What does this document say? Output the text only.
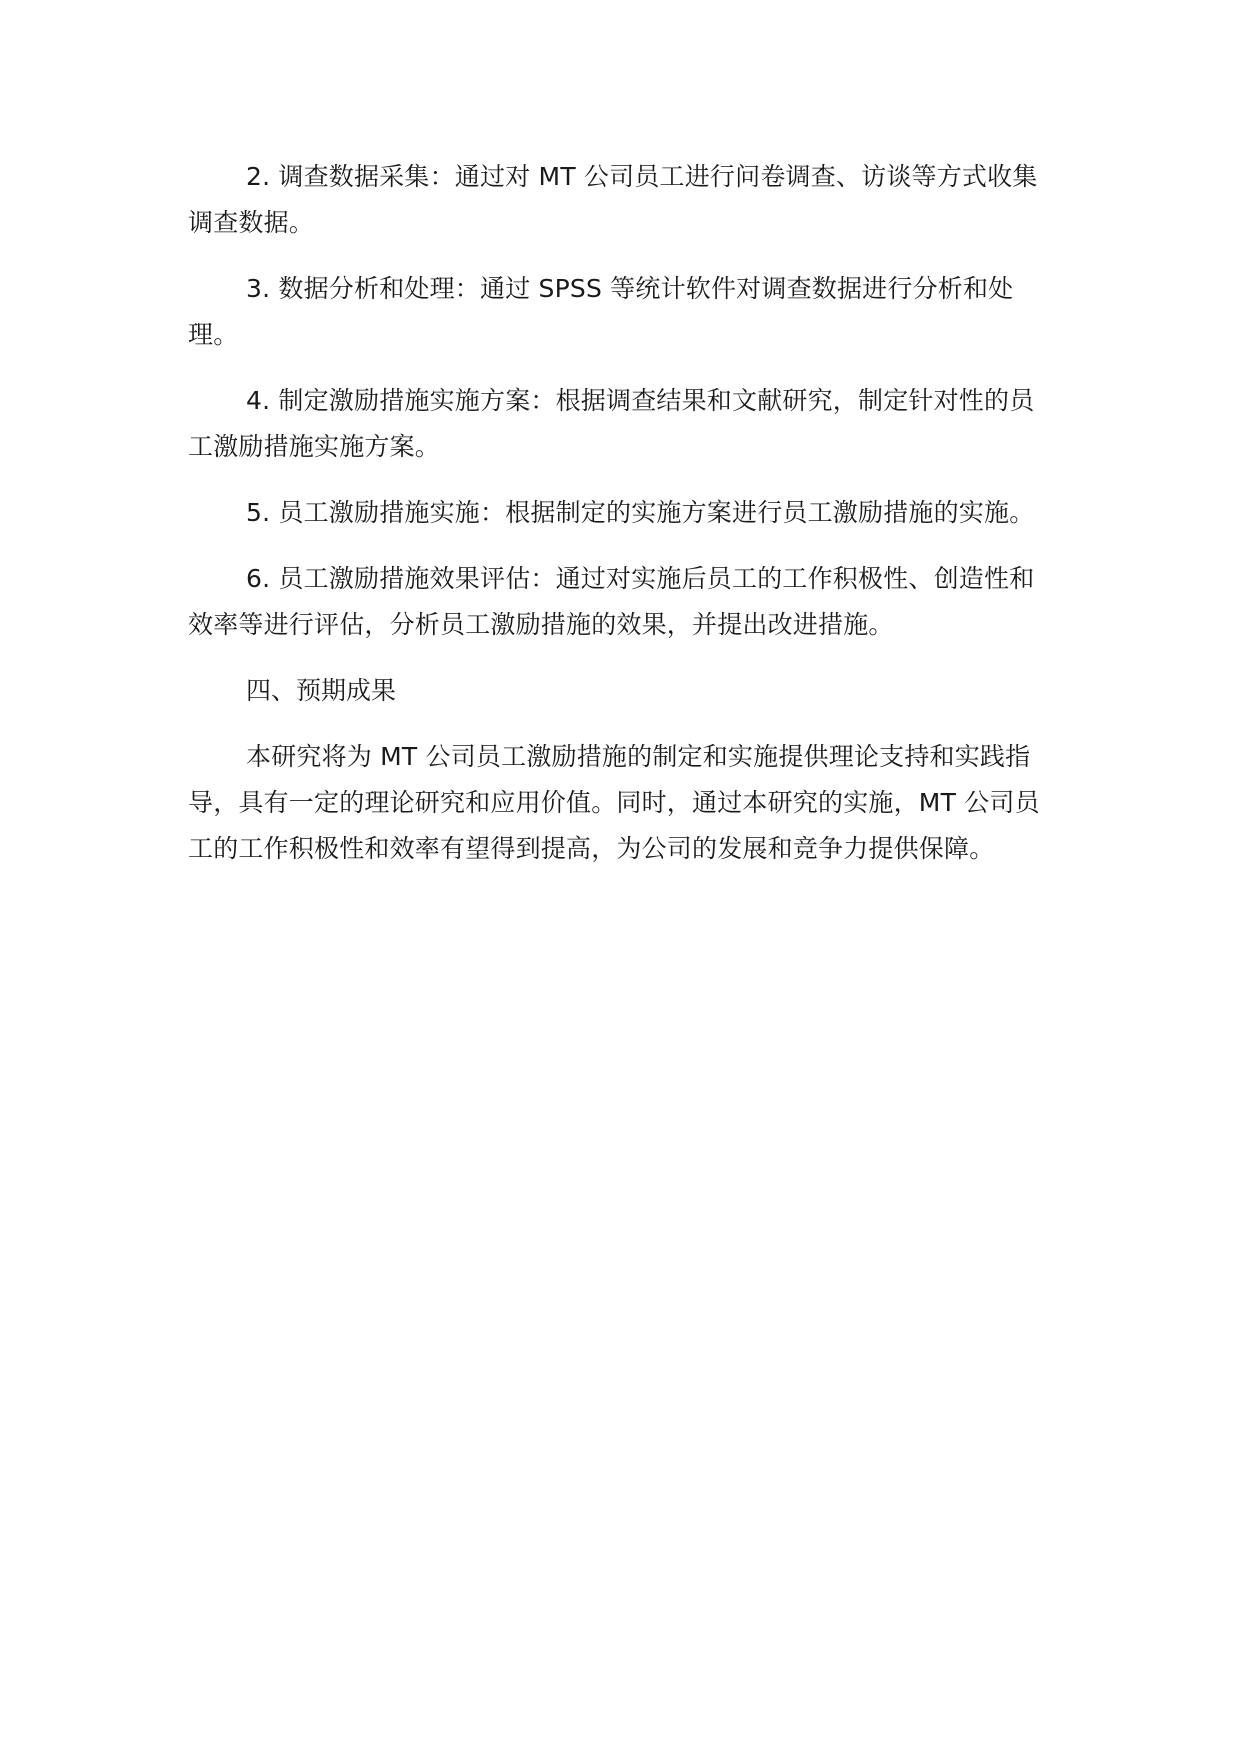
2. 调查数据采集：通过对 MT 公司员工进行问卷调查、访谈等方式收集调查数据。

3. 数据分析和处理：通过 SPSS 等统计软件对调查数据进行分析和处理。

4. 制定激励措施实施方案：根据调查结果和文献研究，制定针对性的员工激励措施实施方案。

5. 员工激励措施实施：根据制定的实施方案进行员工激励措施的实施。

6. 员工激励措施效果评估：通过对实施后员工的工作积极性、创造性和效率等进行评估，分析员工激励措施的效果，并提出改进措施。

四、预期成果

本研究将为 MT 公司员工激励措施的制定和实施提供理论支持和实践指导，具有一定的理论研究和应用价值。同时，通过本研究的实施，MT 公司员工的工作积极性和效率有望得到提高，为公司的发展和竞争力提供保障。
